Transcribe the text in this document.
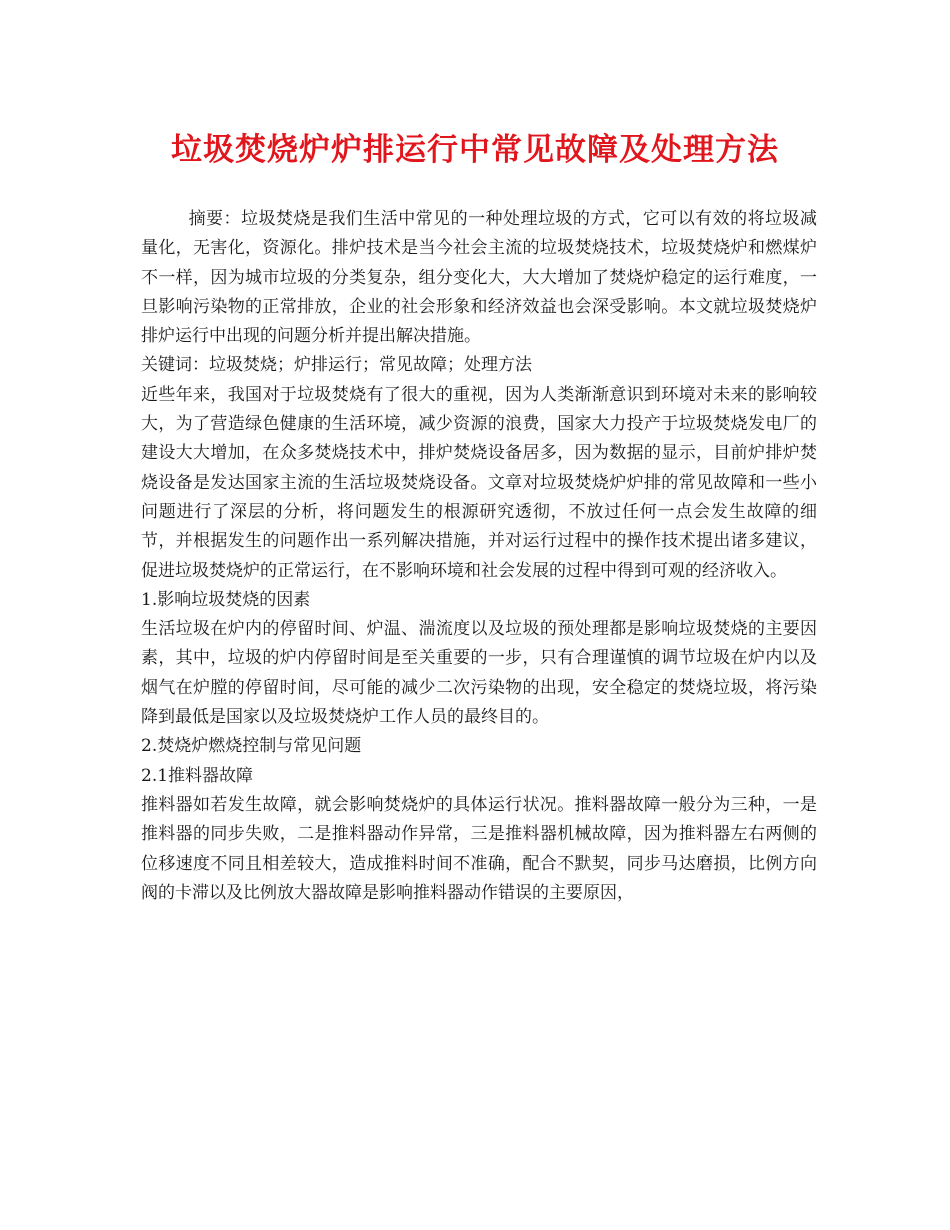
垃圾焚烧炉炉排运行中常见故障及处理方法

摘要：垃圾焚烧是我们生活中常见的一种处理垃圾的方式，它可以有效的将垃圾减量化，无害化，资源化。排炉技术是当今社会主流的垃圾焚烧技术，垃圾焚烧炉和燃煤炉不一样，因为城市垃圾的分类复杂，组分变化大，大大增加了焚烧炉稳定的运行难度，一旦影响污染物的正常排放，企业的社会形象和经济效益也会深受影响。本文就垃圾焚烧炉排炉运行中出现的问题分析并提出解决措施。

关键词：垃圾焚烧；炉排运行；常见故障；处理方法

近些年来，我国对于垃圾焚烧有了很大的重视，因为人类渐渐意识到环境对未来的影响较大，为了营造绿色健康的生活环境，减少资源的浪费，国家大力投产于垃圾焚烧发电厂的建设大大增加，在众多焚烧技术中，排炉焚烧设备居多，因为数据的显示，目前炉排炉焚烧设备是发达国家主流的生活垃圾焚烧设备。文章对垃圾焚烧炉炉排的常见故障和一些小问题进行了深层的分析，将问题发生的根源研究透彻，不放过任何一点会发生故障的细节，并根据发生的问题作出一系列解决措施，并对运行过程中的操作技术提出诸多建议，促进垃圾焚烧炉的正常运行，在不影响环境和社会发展的过程中得到可观的经济收入。

1.影响垃圾焚烧的因素

生活垃圾在炉内的停留时间、炉温、湍流度以及垃圾的预处理都是影响垃圾焚烧的主要因素，其中，垃圾的炉内停留时间是至关重要的一步，只有合理谨慎的调节垃圾在炉内以及烟气在炉膛的停留时间，尽可能的减少二次污染物的出现，安全稳定的焚烧垃圾，将污染降到最低是国家以及垃圾焚烧炉工作人员的最终目的。

2.焚烧炉燃烧控制与常见问题

2.1推料器故障

推料器如若发生故障，就会影响焚烧炉的具体运行状况。推料器故障一般分为三种，一是推料器的同步失败，二是推料器动作异常，三是推料器机械故障，因为推料器左右两侧的位移速度不同且相差较大，造成推料时间不准确，配合不默契，同步马达磨损，比例方向阀的卡滞以及比例放大器故障是影响推料器动作错误的主要原因，
